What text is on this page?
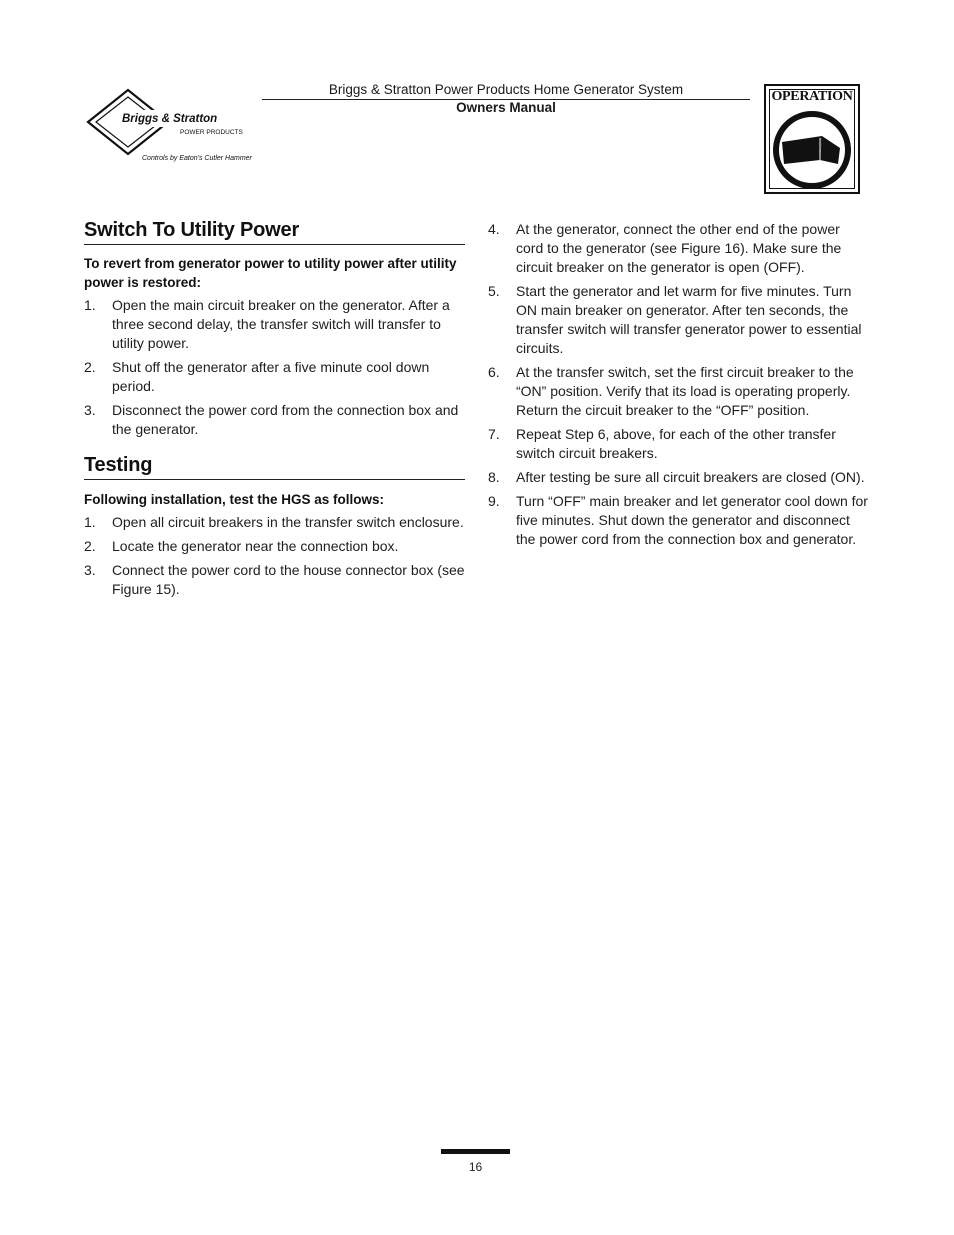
Briggs & Stratton
POWER PRODUCTS
Controls by Eaton's Cutler Hammer
Briggs & Stratton Power Products Home Generator System
Owners Manual
OPERATION
Switch To Utility Power
To revert from generator power to utility power after utility power is restored:
1. Open the main circuit breaker on the generator. After a three second delay, the transfer switch will transfer to utility power.
2. Shut off the generator after a five minute cool down period.
3. Disconnect the power cord from the connection box and the generator.
Testing
Following installation, test the HGS as follows:
1. Open all circuit breakers in the transfer switch enclosure.
2. Locate the generator near the connection box.
3. Connect the power cord to the house connector box (see Figure 15).
4. At the generator, connect the other end of the power cord to the generator (see Figure 16). Make sure the circuit breaker on the generator is open (OFF).
5. Start the generator and let warm for five minutes. Turn ON main breaker on generator. After ten seconds, the transfer switch will transfer generator power to essential circuits.
6. At the transfer switch, set the first circuit breaker to the “ON” position. Verify that its load is operating properly. Return the circuit breaker to the “OFF” position.
7. Repeat Step 6, above, for each of the other transfer switch circuit breakers.
8. After testing be sure all circuit breakers are closed (ON).
9. Turn “OFF” main breaker and let generator cool down for five minutes. Shut down the generator and disconnect the power cord from the connection box and generator.
16
